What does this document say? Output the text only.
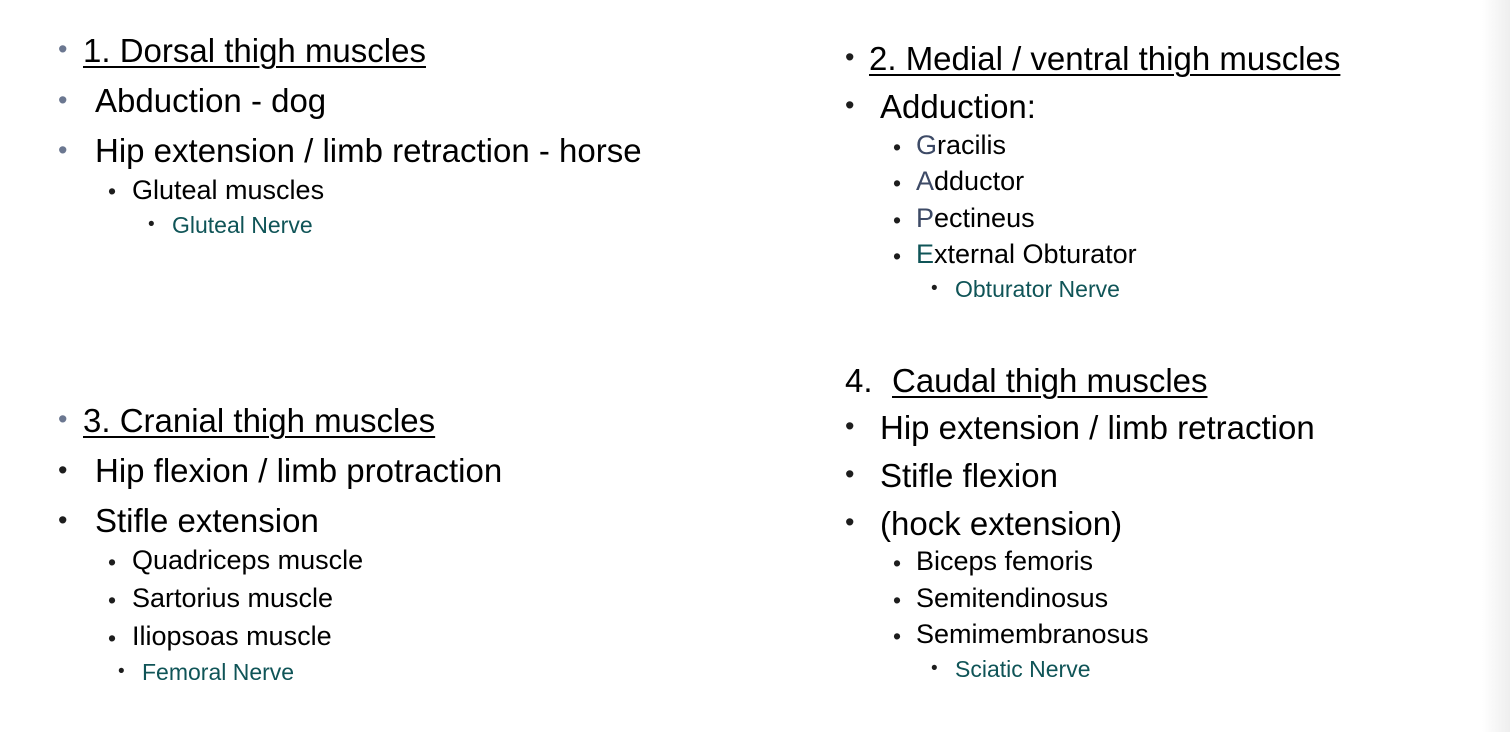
• 1. Dorsal thigh muscles
• Abduction - dog
• Hip extension / limb retraction - horse
• Gluteal muscles
• Gluteal Nerve
• 2. Medial / ventral thigh muscles
• Adduction:
• Gracilis
• Adductor
• Pectineus
• External Obturator
• Obturator Nerve
• 3. Cranial thigh muscles
• Hip flexion / limb protraction
• Stifle extension
• Quadriceps muscle
• Sartorius muscle
• Iliopsoas muscle
• Femoral Nerve
4. Caudal thigh muscles
• Hip extension / limb retraction
• Stifle flexion
• (hock extension)
• Biceps femoris
• Semitendinosus
• Semimembranosus
• Sciatic Nerve
